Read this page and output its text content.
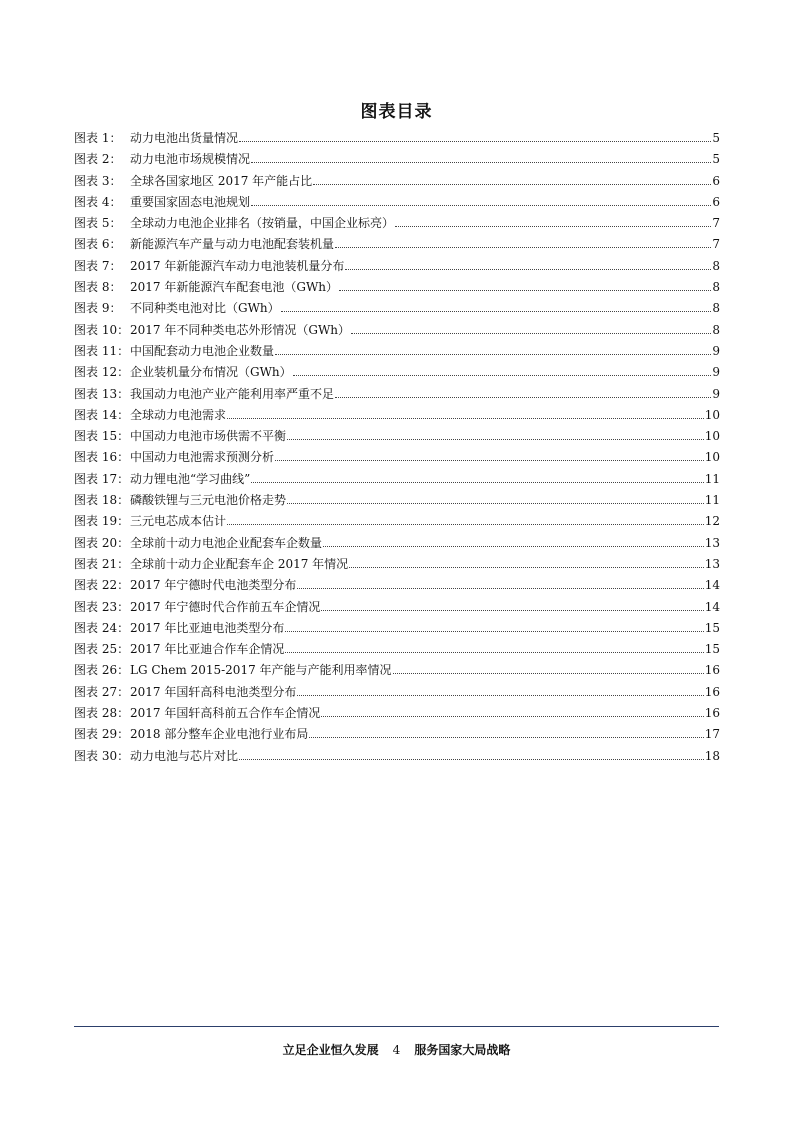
图表目录
图表 1： 动力电池出货量情况	5
图表 2： 动力电池市场规模情况	5
图表 3： 全球各国家地区 2017 年产能占比	6
图表 4： 重要国家固态电池规划	6
图表 5： 全球动力电池企业排名（按销量，中国企业标亮）	7
图表 6： 新能源汽车产量与动力电池配套装机量	7
图表 7： 2017 年新能源汽车动力电池装机量分布	8
图表 8： 2017 年新能源汽车配套电池（GWh）	8
图表 9： 不同种类电池对比（GWh）	8
图表 10： 2017 年不同种类电芯外形情况（GWh）	8
图表 11： 中国配套动力电池企业数量	9
图表 12： 企业装机量分布情况（GWh）	9
图表 13： 我国动力电池产业产能利用率严重不足	9
图表 14： 全球动力电池需求	10
图表 15： 中国动力电池市场供需不平衡	10
图表 16： 中国动力电池需求预测分析	10
图表 17： 动力锂电池“学习曲线”	11
图表 18： 磷酸铁锂与三元电池价格走势	11
图表 19： 三元电芯成本估计	12
图表 20： 全球前十动力电池企业配套车企数量	13
图表 21： 全球前十动力企业配套车企 2017 年情况	13
图表 22： 2017 年宁德时代电池类型分布	14
图表 23： 2017 年宁德时代合作前五车企情况	14
图表 24： 2017 年比亚迪电池类型分布	15
图表 25： 2017 年比亚迪合作车企情况	15
图表 26： LG Chem 2015-2017 年产能与产能利用率情况	16
图表 27： 2017 年国轩高科电池类型分布	16
图表 28： 2017 年国轩高科前五合作车企情况	16
图表 29： 2018 部分整车企业电池行业布局	17
图表 30： 动力电池与芯片对比	18
立足企业恒久发展 4 服务国家大局战略
